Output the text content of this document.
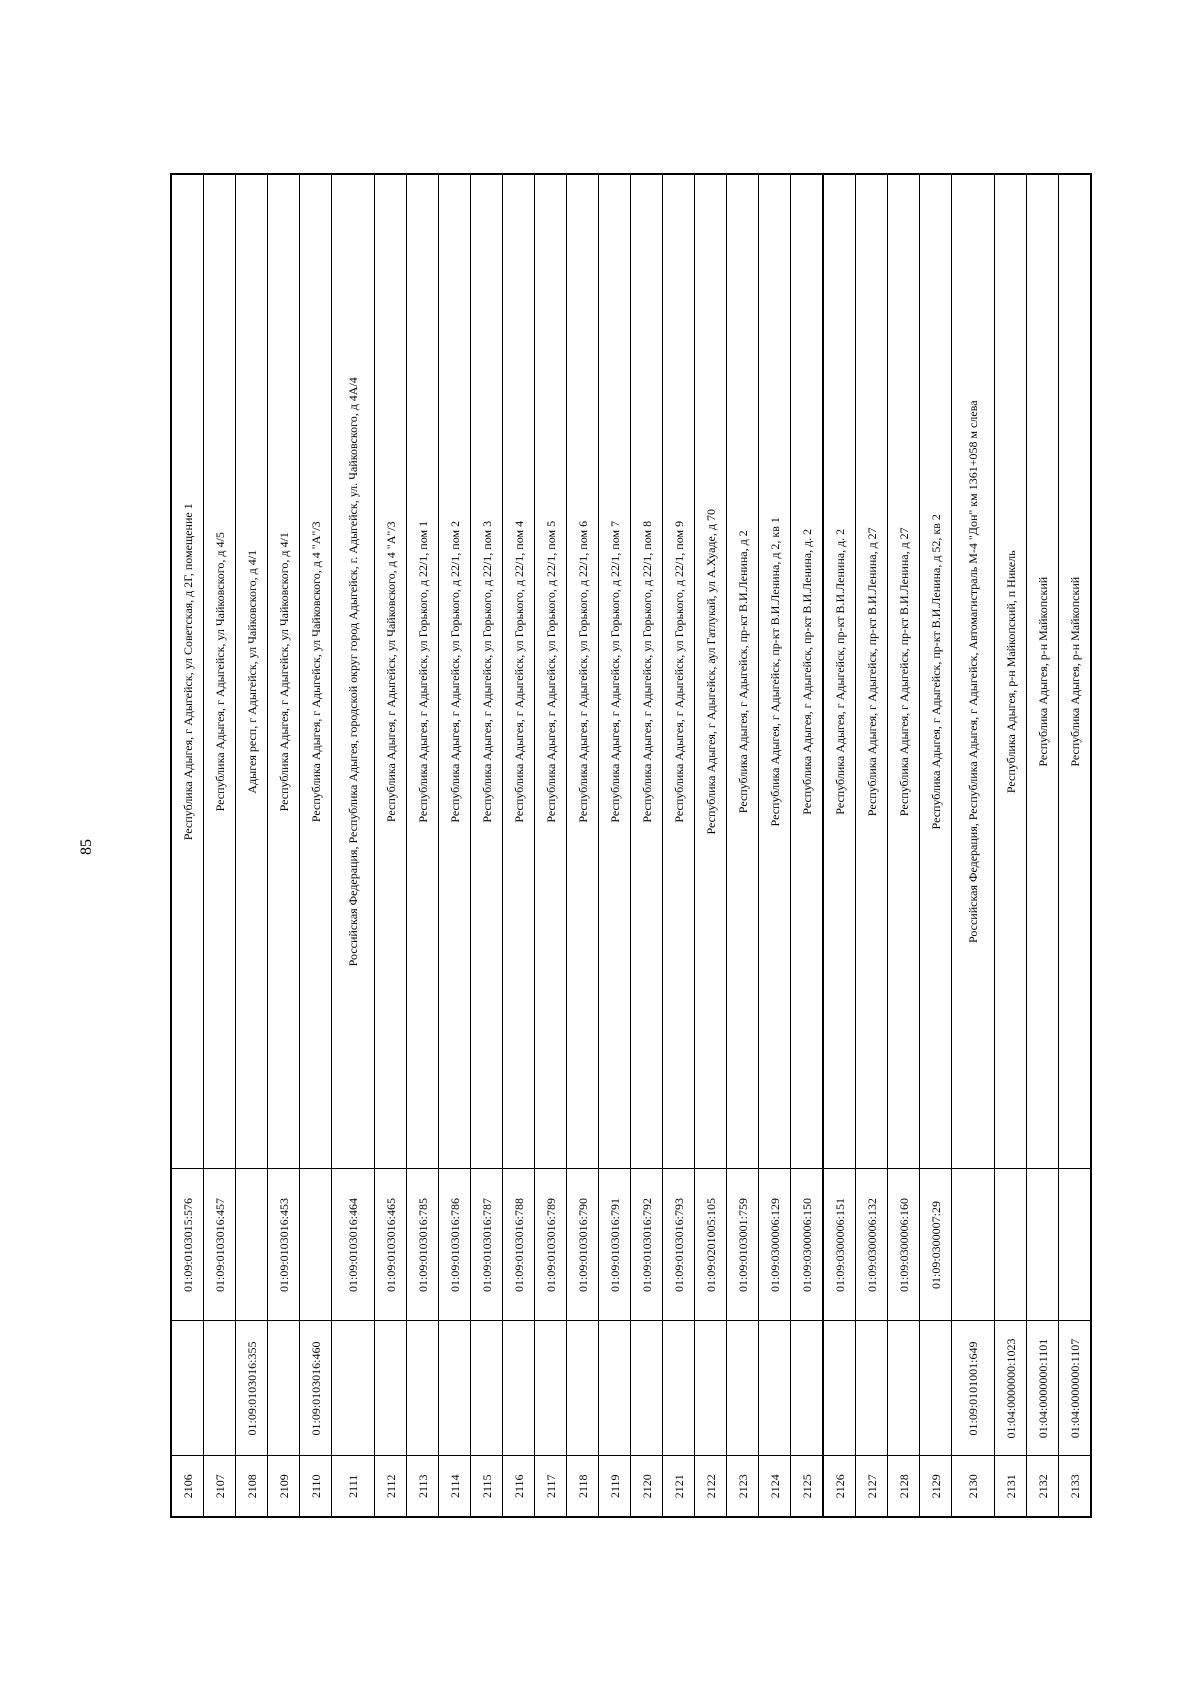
85
2106		01:09:0103015:576	Республика Адыгея, г Адыгейск, ул Советская, д 2Г, помещение 1
2107		01:09:0103016:457	Республика Адыгея, г Адыгейск, ул Чайковского, д 4/5
2108	01:09:0103016:355		Адыгея респ, г Адыгейск, ул Чайковского, д 4/1
2109		01:09:0103016:453	Республика Адыгея, г Адыгейск, ул Чайковского, д 4/1
2110	01:09:0103016:460		Республика Адыгея, г Адыгейск, ул Чайковского, д 4 "А"/3
2111		01:09:0103016:464	Российская Федерация, Республика Адыгея, городской округ город Адыгейск, г. Адыгейск, ул. Чайковского, д 4А/4
2112		01:09:0103016:465	Республика Адыгея, г Адыгейск, ул Чайковского, д 4 "А"/3
2113		01:09:0103016:785	Республика Адыгея, г Адыгейск, ул Горького, д 22/1, пом 1
2114		01:09:0103016:786	Республика Адыгея, г Адыгейск, ул Горького, д 22/1, пом 2
2115		01:09:0103016:787	Республика Адыгея, г Адыгейск, ул Горького, д 22/1, пом 3
2116		01:09:0103016:788	Республика Адыгея, г Адыгейск, ул Горького, д 22/1, пом 4
2117		01:09:0103016:789	Республика Адыгея, г Адыгейск, ул Горького, д 22/1, пом 5
2118		01:09:0103016:790	Республика Адыгея, г Адыгейск, ул Горького, д 22/1, пом 6
2119		01:09:0103016:791	Республика Адыгея, г Адыгейск, ул Горького, д 22/1, пом 7
2120		01:09:0103016:792	Республика Адыгея, г Адыгейск, ул Горького, д 22/1, пом 8
2121		01:09:0103016:793	Республика Адыгея, г Адыгейск, ул Горького, д 22/1, пом 9
2122		01:09:0201005:105	Республика Адыгея, г Адыгейск, аул Гатлукай, ул А.Хуаде, д 70
2123		01:09:0103001:759	Республика Адыгея, г Адыгейск, пр-кт В.И.Ленина, д 2
2124		01:09:0300006:129	Республика Адыгея, г Адыгейск, пр-кт В.И.Ленина, д 2, кв 1
2125		01:09:0300006:150	Республика Адыгея, г Адыгейск, пр-кт В.И.Ленина, д. 2
2126		01:09:0300006:151	Республика Адыгея, г Адыгейск, пр-кт В.И.Ленина, д. 2
2127		01:09:0300006:132	Республика Адыгея, г Адыгейск, пр-кт В.И.Ленина, д 27
2128		01:09:0300006:160	Республика Адыгея, г Адыгейск, пр-кт В.И.Ленина, д 27
2129		01:09:0300007:29	Республика Адыгея, г Адыгейск, пр-кт В.И.Ленина, д 52, кв 2
2130	01:09:0101001:649		Российская Федерация, Республика Адыгея, г Адыгейск, Автомагистраль М-4 "Дон" км 1361+058 м слева
2131	01:04:0000000:1023		Республика Адыгея, р-н Майкопский, п Никель
2132	01:04:0000000:1101		Республика Адыгея, р-н Майкопский
2133	01:04:0000000:1107		Республика Адыгея, р-н Майкопский
